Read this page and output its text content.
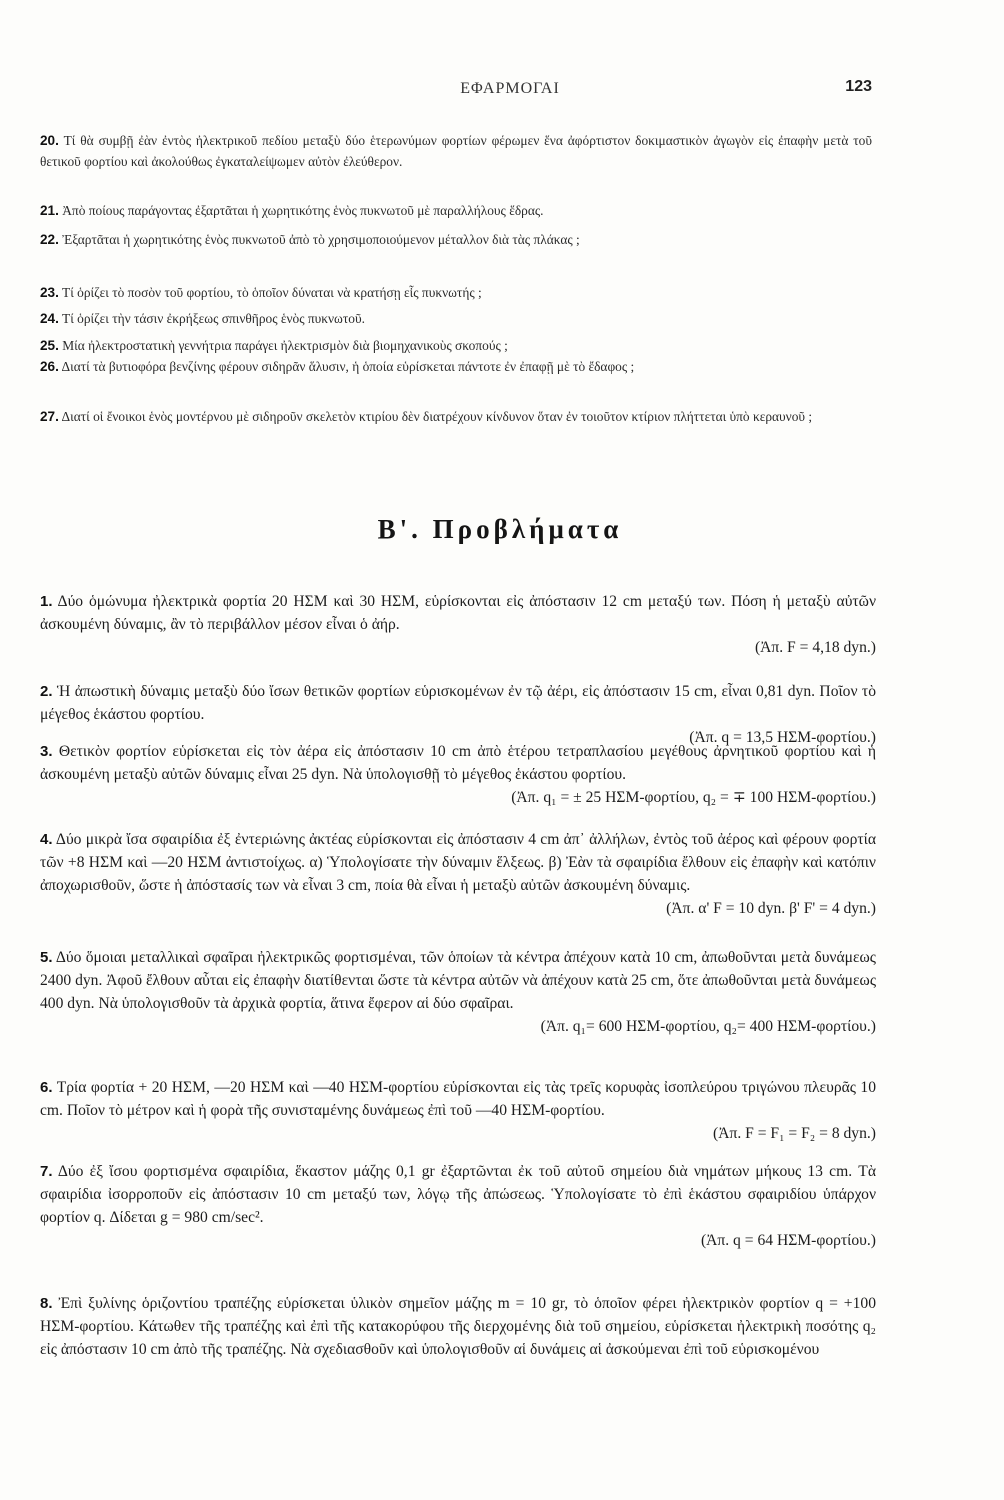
ΕΦΑΡΜΟΓΑΙ	123
20. Τί θὰ συμβῇ ἐὰν ἐντὸς ἠλεκτρικοῦ πεδίου μεταξὺ δύο ἑτερωνύμων φορτίων φέρωμεν ἕνα ἀφόρτιστον δοκιμαστικὸν ἀγωγὸν εἰς ἐπαφὴν μετὰ τοῦ θετικοῦ φορτίου καὶ ἀκολούθως ἐγκαταλείψωμεν αὐτὸν ἐλεύθερον.
21. Ἀπὸ ποίους παράγοντας ἐξαρτᾶται ἡ χωρητικότης ἑνὸς πυκνωτοῦ μὲ παραλλήλους ἕδρας.
22. Ἐξαρτᾶται ἡ χωρητικότης ἑνὸς πυκνωτοῦ ἀπὸ τὸ χρησιμοποιούμενον μέταλλον διὰ τὰς πλάκας ;
23. Τί ὁρίζει τὸ ποσὸν τοῦ φορτίου, τὸ ὁποῖον δύναται νὰ κρατήσῃ εἷς πυκνωτής ;
24. Τί ὁρίζει τὴν τάσιν ἐκρήξεως σπινθῆρος ἑνὸς πυκνωτοῦ.
25. Μία ἠλεκτροστατικὴ γεννήτρια παράγει ἠλεκτρισμὸν διὰ βιομηχανικοὺς σκοπούς ;
26. Διατί τὰ βυτιοφόρα βενζίνης φέρουν σιδηρᾶν ἅλυσιν, ἡ ὁποία εὑρίσκεται πάντοτε ἐν ἐπαφῇ μὲ τὸ ἔδαφος ;
27. Διατί οἱ ἔνοικοι ἑνὸς μοντέρνου μὲ σιδηροῦν σκελετὸν κτιρίου δὲν διατρέχουν κίνδυνον ὅταν ἐν τοιοῦτον κτίριον πλήττεται ὑπὸ κεραυνοῦ ;
Β'. Προβλήματα
1. Δύο ὁμώνυμα ἠλεκτρικὰ φορτία 20 ΗΣΜ καὶ 30 ΗΣΜ, εὑρίσκονται εἰς ἀπόστασιν 12 cm μεταξύ των. Πόση ἡ μεταξὺ αὐτῶν ἀσκουμένη δύναμις, ἂν τὸ περιβάλλον μέσον εἶναι ὁ ἀήρ.
(Ἀπ. F = 4,18 dyn.)
2. Ἡ ἀπωστικὴ δύναμις μεταξὺ δύο ἴσων θετικῶν φορτίων εὑρισκομένων ἐν τῷ ἀέρι, εἰς ἀπόστασιν 15 cm, εἶναι 0,81 dyn. Ποῖον τὸ μέγεθος ἑκάστου φορτίου.
(Ἀπ. q = 13,5 ΗΣΜ-φορτίου.)
3. Θετικὸν φορτίον εὑρίσκεται εἰς τὸν ἀέρα εἰς ἀπόστασιν 10 cm ἀπὸ ἑτέρου τετραπλασίου μεγέθους ἀρνητικοῦ φορτίου καὶ ἡ ἀσκουμένη μεταξὺ αὐτῶν δύναμις εἶναι 25 dyn. Νὰ ὑπολογισθῇ τὸ μέγεθος ἑκάστου φορτίου.
(Ἀπ. q₁ = ± 25 ΗΣΜ-φορτίου, q₂ = ∓ 100 ΗΣΜ-φορτίου.)
4. Δύο μικρὰ ἴσα σφαιρίδια ἐξ ἐντεριώνης ἀκτέας εὑρίσκονται εἰς ἀπόστασιν 4 cm ἀπ᾽ ἀλλήλων, ἐντὸς τοῦ ἀέρος καὶ φέρουν φορτία τῶν +8 ΗΣΜ καὶ —20 ΗΣΜ ἀντιστοίχως. α) Ὑπολογίσατε τὴν δύναμιν ἕλξεως. β) Ἐὰν τὰ σφαιρίδια ἔλθουν εἰς ἐπαφὴν καὶ κατόπιν ἀποχωρισθοῦν, ὥστε ἡ ἀπόστασίς των νὰ εἶναι 3 cm, ποία θὰ εἶναι ἡ μεταξὺ αὐτῶν ἀσκουμένη δύναμις.
(Ἀπ. α' F = 10 dyn. β' F' = 4 dyn.)
5. Δύο ὅμοιαι μεταλλικαὶ σφαῖραι ἠλεκτρικῶς φορτισμέναι, τῶν ὁποίων τὰ κέντρα ἀπέχουν κατὰ 10 cm, ἀπωθοῦνται μετὰ δυνάμεως 2400 dyn. Ἀφοῦ ἔλθουν αὗται εἰς ἐπαφὴν διατίθενται ὥστε τὰ κέντρα αὐτῶν νὰ ἀπέχουν κατὰ 25 cm, ὅτε ἀπωθοῦνται μετὰ δυνάμεως 400 dyn. Νὰ ὑπολογισθοῦν τὰ ἀρχικὰ φορτία, ἅτινα ἔφερον αἱ δύο σφαῖραι.
(Ἀπ. q₁= 600 ΗΣΜ-φορτίου, q₂= 400 ΗΣΜ-φορτίου.)
6. Τρία φορτία + 20 ΗΣΜ, —20 ΗΣΜ καὶ —40 ΗΣΜ-φορτίου εὑρίσκονται εἰς τὰς τρεῖς κορυφὰς ἰσοπλεύρου τριγώνου πλευρᾶς 10 cm. Ποῖον τὸ μέτρον καὶ ἡ φορὰ τῆς συνισταμένης δυνάμεως ἐπὶ τοῦ —40 ΗΣΜ-φορτίου.
(Ἀπ. F = F₁ = F₂ = 8 dyn.)
7. Δύο ἐξ ἴσου φορτισμένα σφαιρίδια, ἕκαστον μάζης 0,1 gr ἐξαρτῶνται ἐκ τοῦ αὐτοῦ σημείου διὰ νημάτων μήκους 13 cm. Τὰ σφαιρίδια ἰσορροποῦν εἰς ἀπόστασιν 10 cm μεταξύ των, λόγῳ τῆς ἀπώσεως. Ὑπολογίσατε τὸ ἐπὶ ἑκάστου σφαιριδίου ὑπάρχον φορτίον q. Δίδεται g = 980 cm/sec².
(Ἀπ. q = 64 ΗΣΜ-φορτίου.)
8. Ἐπὶ ξυλίνης ὁριζοντίου τραπέζης εὑρίσκεται ὑλικὸν σημεῖον μάζης m = 10 gr, τὸ ὁποῖον φέρει ἠλεκτρικὸν φορτίον q = +100 ΗΣΜ-φορτίου. Κάτωθεν τῆς τραπέζης καὶ ἐπὶ τῆς κατακορύφου τῆς διερχομένης διὰ τοῦ σημείου, εὑρίσκεται ἠλεκτρικὴ ποσότης q₂ εἰς ἀπόστασιν 10 cm ἀπὸ τῆς τραπέζης. Νὰ σχεδιασθοῦν καὶ ὑπολογισθοῦν αἱ δυνάμεις αἱ ἀσκούμεναι ἐπὶ τοῦ εὑρισκομένου
